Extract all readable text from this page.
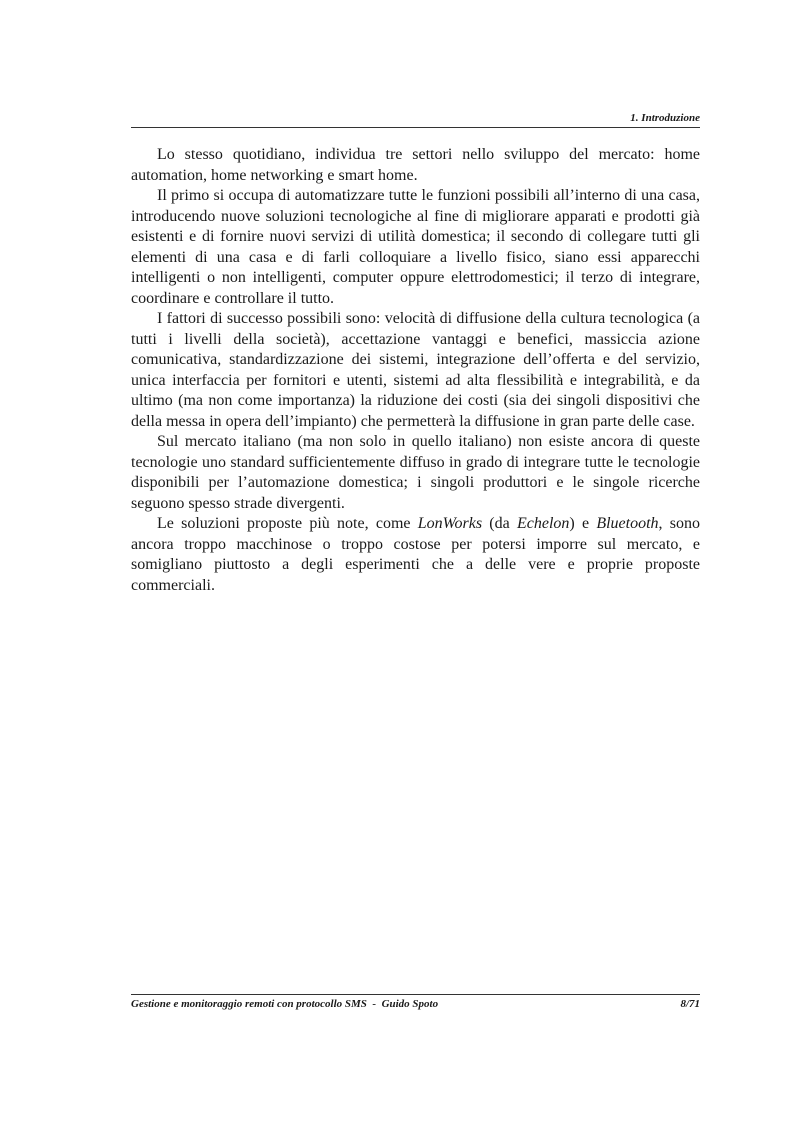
1. Introduzione

Lo stesso quotidiano, individua tre settori nello sviluppo del mercato: home automation, home networking e smart home.

Il primo si occupa di automatizzare tutte le funzioni possibili all’interno di una casa, introducendo nuove soluzioni tecnologiche al fine di migliorare apparati e prodotti già esistenti e di fornire nuovi servizi di utilità domestica; il secondo di collegare tutti gli elementi di una casa e di farli colloquiare a livello fisico, siano essi apparecchi intelligenti o non intelligenti, computer oppure elettrodomestici; il terzo di integrare, coordinare e controllare il tutto.

I fattori di successo possibili sono: velocità di diffusione della cultura tecnologica (a tutti i livelli della società), accettazione vantaggi e benefici, massiccia azione comunicativa, standardizzazione dei sistemi, integrazione dell’offerta e del servizio, unica interfaccia per fornitori e utenti, sistemi ad alta flessibilità e integrabilità, e da ultimo (ma non come importanza) la riduzione dei costi (sia dei singoli dispositivi che della messa in opera dell’impianto) che permetterà la diffusione in gran parte delle case.

Sul mercato italiano (ma non solo in quello italiano) non esiste ancora di queste tecnologie uno standard sufficientemente diffuso in grado di integrare tutte le tecnologie disponibili per l’automazione domestica; i singoli produttori e le singole ricerche seguono spesso strade divergenti.

Le soluzioni proposte più note, come LonWorks (da Echelon) e Bluetooth, sono ancora troppo macchinose o troppo costose per potersi imporre sul mercato, e somigliano piuttosto a degli esperimenti che a delle vere e proprie proposte commerciali.

Gestione e monitoraggio remoti con protocollo SMS  -  Guido Spoto	8/71
